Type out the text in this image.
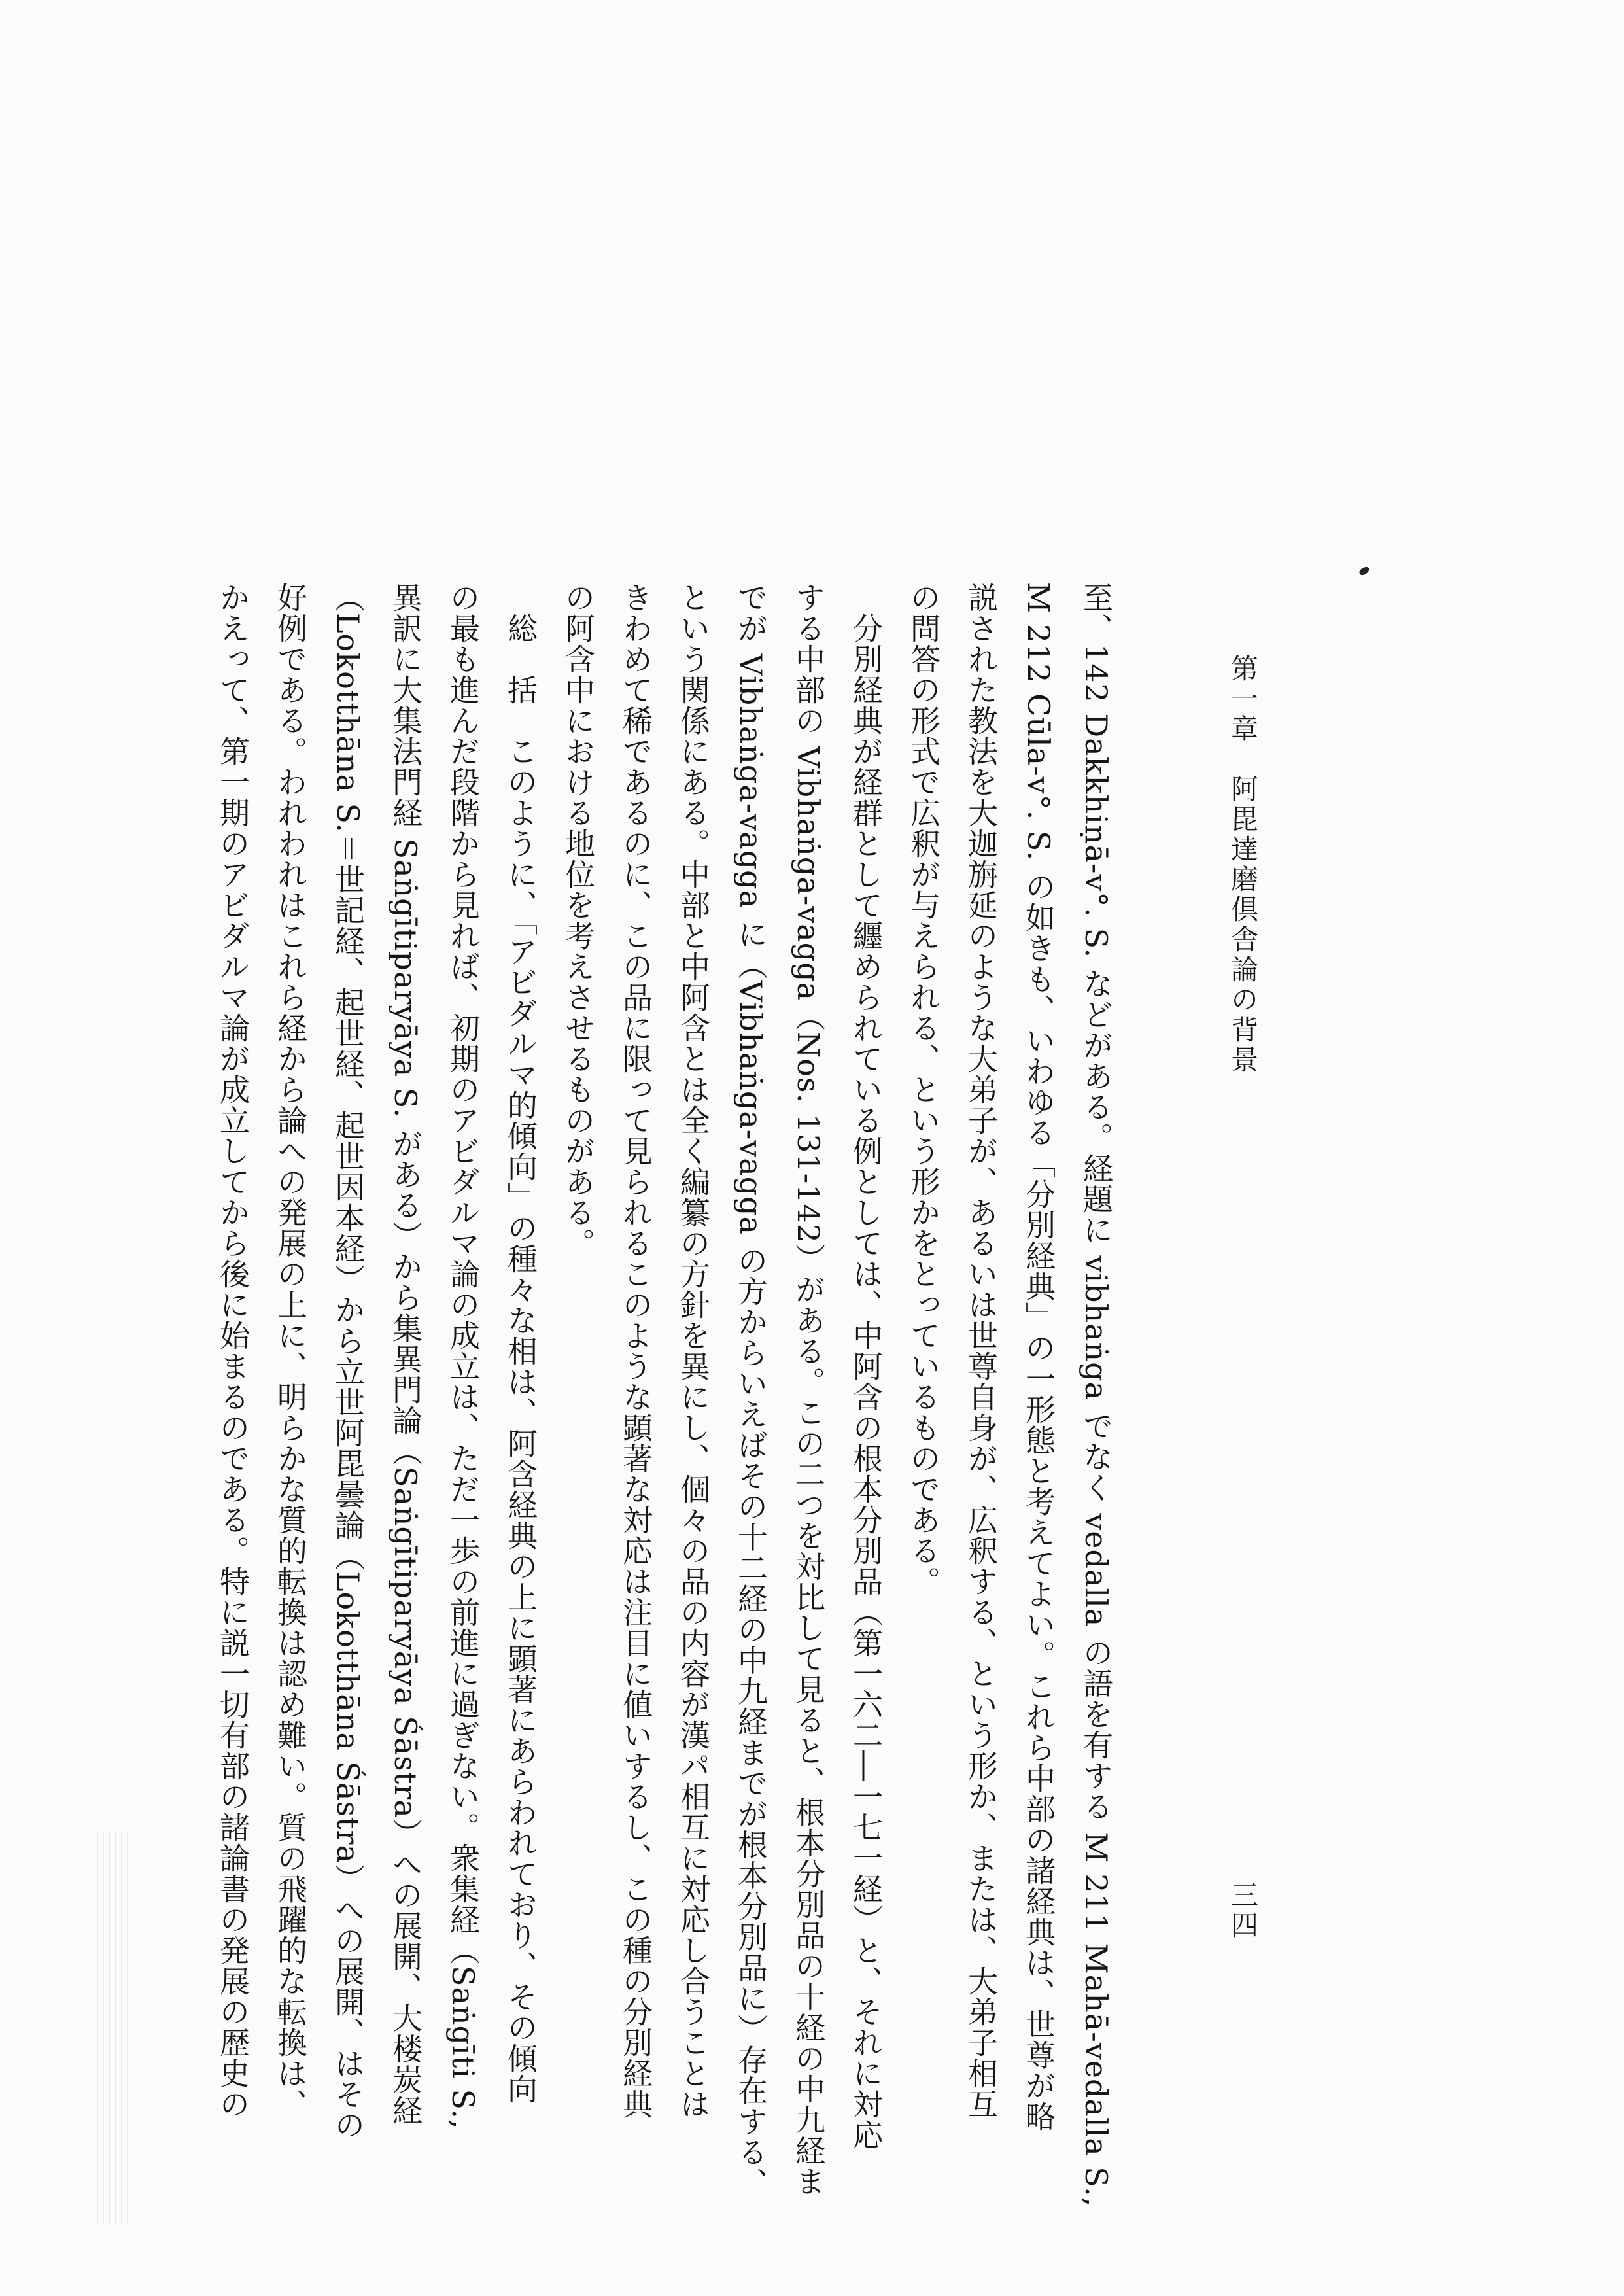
第一章　阿毘達磨倶舎論の背景
三四
至、142 Dakkhiṇā-v°. S. などがある。経題に vibhaṅga でなく vedalla の語を有する M 211 Mahā-vedalla S.,
M 212 Cūla-v°. S. の如きも、いわゆる「分別経典」の一形態と考えてよい。これら中部の諸経典は、世尊が略
説された教法を大迦旃延のような大弟子が、あるいは世尊自身が、広釈する、という形か、または、大弟子相互
の問答の形式で広釈が与えられる、という形かをとっているものである。
　分別経典が経群として纒められている例としては、中阿含の根本分別品（第一六二―一七一経）と、それに対応
する中部の Vibhaṅga-vagga（Nos. 131-142）がある。この二つを対比して見ると、根本分別品の十経の中九経ま
でが Vibhaṅga-vagga に（Vibhaṅga-vagga の方からいえばその十二経の中九経までが根本分別品に）存在する、
という関係にある。中部と中阿含とは全く編纂の方針を異にし、個々の品の内容が漢パ相互に対応し合うことは
きわめて稀であるのに、この品に限って見られるこのような顕著な対応は注目に値いするし、この種の分別経典
の阿含中における地位を考えさせるものがある。
　総　括　このように、「アビダルマ的傾向」の種々な相は、阿含経典の上に顕著にあらわれており、その傾向
の最も進んだ段階から見れば、初期のアビダルマ論の成立は、ただ一歩の前進に過ぎない。衆集経（Saṅgīti S.,
異訳に大集法門経 Saṅgītiparyāya S. がある）から集異門論（Saṅgītiparyāya Śāstra）への展開、大楼炭経
（Lokotthāna S.＝世記経、起世経、起世因本経）から立世阿毘曇論（Lokotthāna Śāstra）への展開、はその
好例である。われわれはこれら経から論への発展の上に、明らかな質的転換は認め難い。質の飛躍的な転換は、
かえって、第一期のアビダルマ論が成立してから後に始まるのである。特に説一切有部の諸論書の発展の歴史の
